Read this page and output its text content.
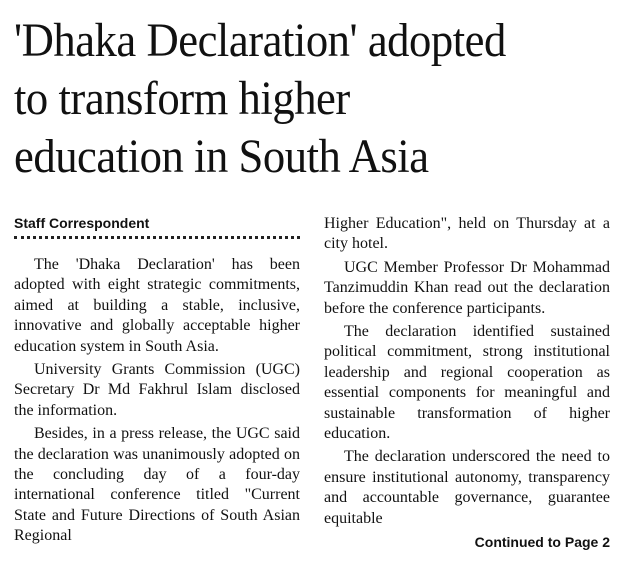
'Dhaka Declaration' adopted
to transform higher
education in South Asia
Staff Correspondent

The 'Dhaka Declaration' has been adopted with eight strategic commitments, aimed at building a stable, inclusive, innovative and globally acceptable higher education system in South Asia.

University Grants Commission (UGC) Secretary Dr Md Fakhrul Islam disclosed the information.

Besides, in a press release, the UGC said the declaration was unanimously adopted on the concluding day of a four-day international conference titled "Current State and Future Directions of South Asian Regional

Higher Education", held on Thursday at a city hotel.

UGC Member Professor Dr Mohammad Tanzimuddin Khan read out the declaration before the conference participants.

The declaration identified sustained political commitment, strong institutional leadership and regional cooperation as essential components for meaningful and sustainable transformation of higher education.

The declaration underscored the need to ensure institutional autonomy, transparency and accountable governance, guarantee equitable

Continued to Page 2
